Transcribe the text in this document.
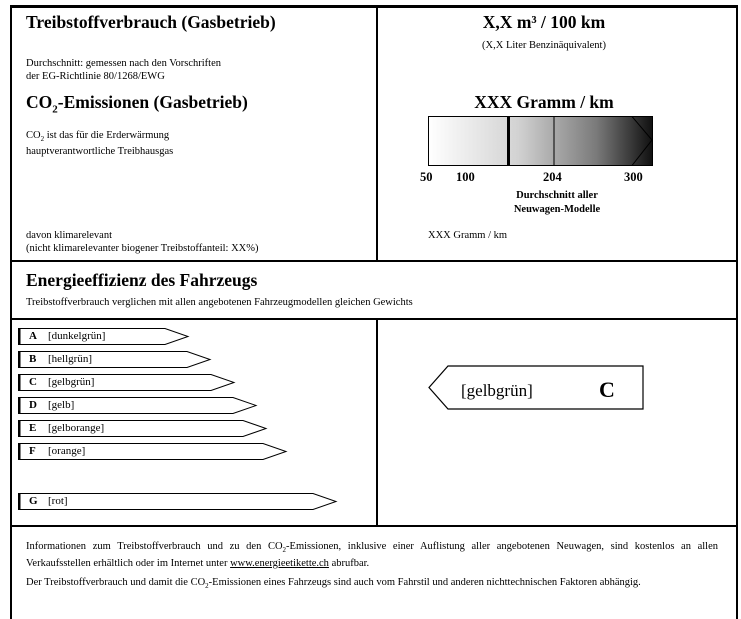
Treibstoffverbrauch (Gasbetrieb)
Durchschnitt: gemessen nach den Vorschriften
der EG-Richtlinie 80/1268/EWG
X,X m³ / 100 km
(X,X Liter Benzinäquivalent)
$CO_2$-Emissionen (Gasbetrieb)
$CO_2$ ist das für die Erderwärmung
hauptverantwortliche Treibhausgas
XXX Gramm / km
50 100	204	300
Durchschnitt aller
Neuwagen-Modelle
davon klimarelevant
(nicht klimarelevanter biogener Treibstoffanteil: XX%)
XXX Gramm / km
Energieeffizienz des Fahrzeugs
Treibstoffverbrauch verglichen mit allen angebotenen Fahrzeugmodellen gleichen Gewichts
A [dunkelgrün]
B [hellgrün]
C [gelbgrün]
D [gelb]
E [gelborange]
F [orange]
G [rot]
[gelbgrün]	C

Informationen zum Treibstoffverbrauch und zu den $CO_2$-Emissionen, inklusive einer Auflistung aller angebotenen Neuwagen, sind kostenlos an allen Verkaufsstellen erhältlich oder im Internet unter www.energieetikette.ch abrufbar.

Der Treibstoffverbrauch und damit die $CO_2$-Emissionen eines Fahrzeugs sind auch vom Fahrstil und anderen nichttechnischen Faktoren abhängig.
